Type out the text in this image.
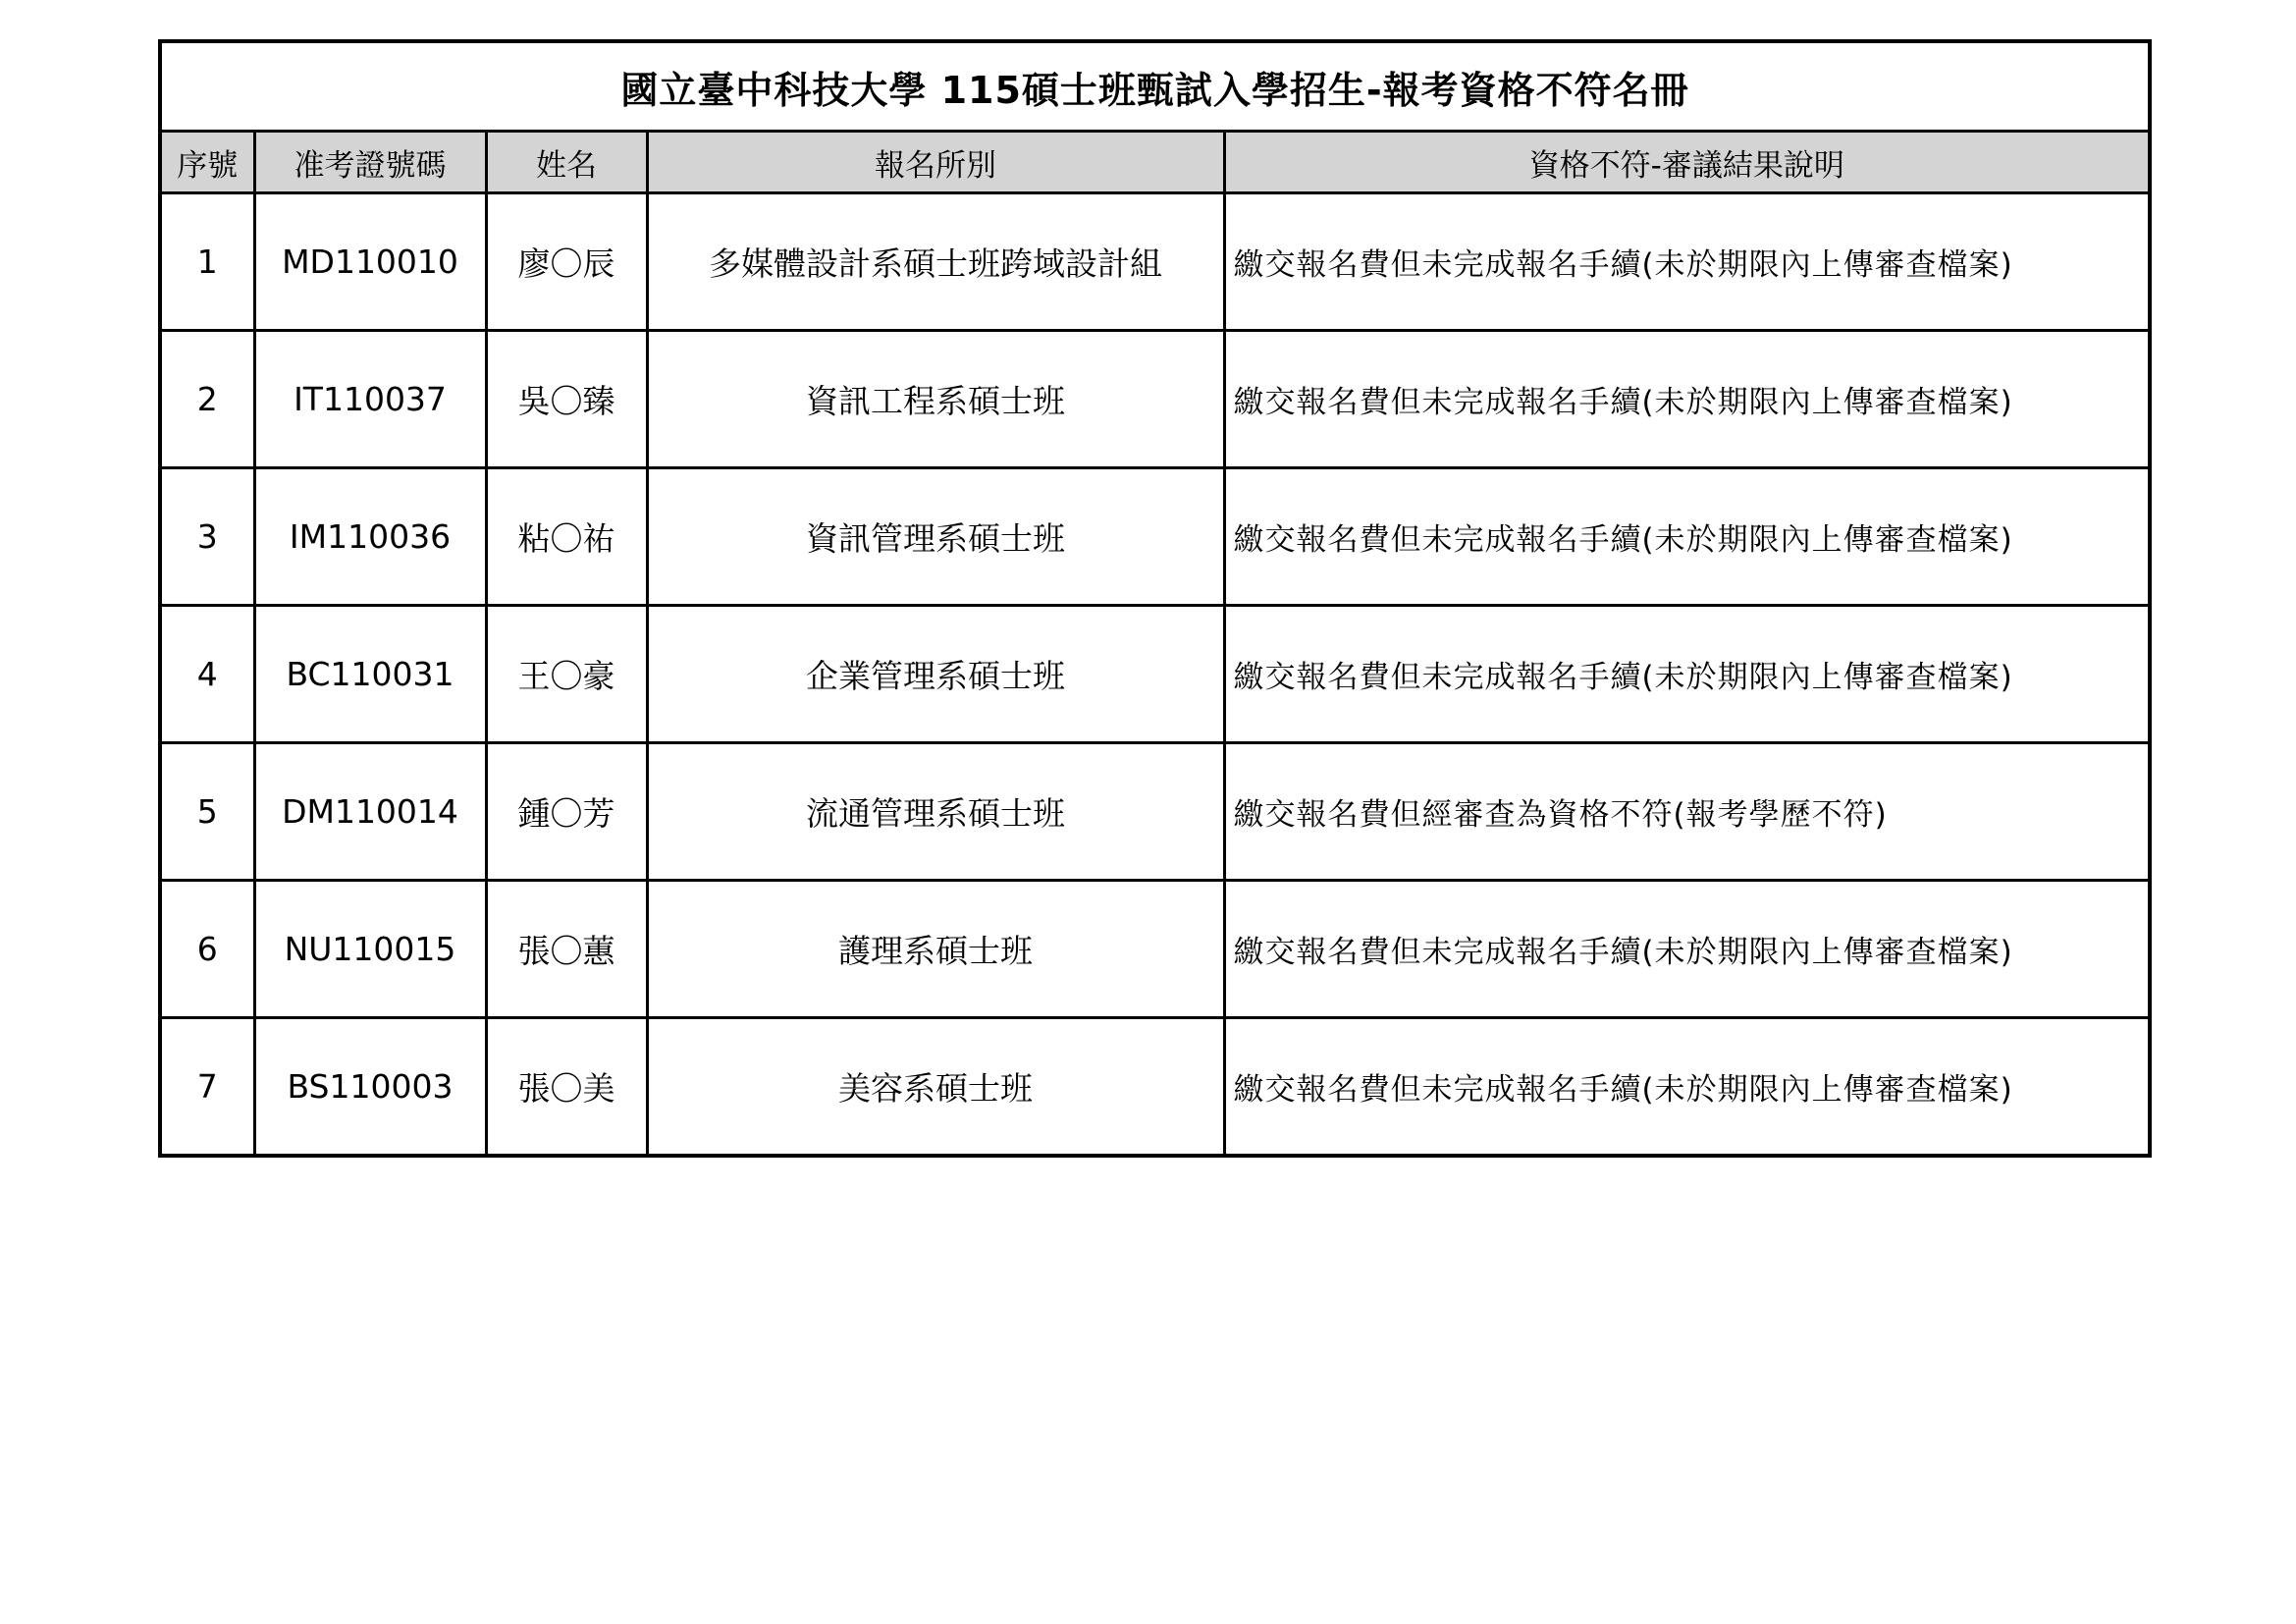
國立臺中科技大學 115碩士班甄試入學招生-報考資格不符名冊				
序號	准考證號碼	姓名	報名所別	資格不符-審議結果說明
1	MD110010	廖〇辰	多媒體設計系碩士班跨域設計組	繳交報名費但未完成報名手續(未於期限內上傳審查檔案)
2	IT110037	吳〇臻	資訊工程系碩士班	繳交報名費但未完成報名手續(未於期限內上傳審查檔案)
3	IM110036	粘〇祐	資訊管理系碩士班	繳交報名費但未完成報名手續(未於期限內上傳審查檔案)
4	BC110031	王〇豪	企業管理系碩士班	繳交報名費但未完成報名手續(未於期限內上傳審查檔案)
5	DM110014	鍾〇芳	流通管理系碩士班	繳交報名費但經審查為資格不符(報考學歷不符)
6	NU110015	張〇蕙	護理系碩士班	繳交報名費但未完成報名手續(未於期限內上傳審查檔案)
7	BS110003	張〇美	美容系碩士班	繳交報名費但未完成報名手續(未於期限內上傳審查檔案)
